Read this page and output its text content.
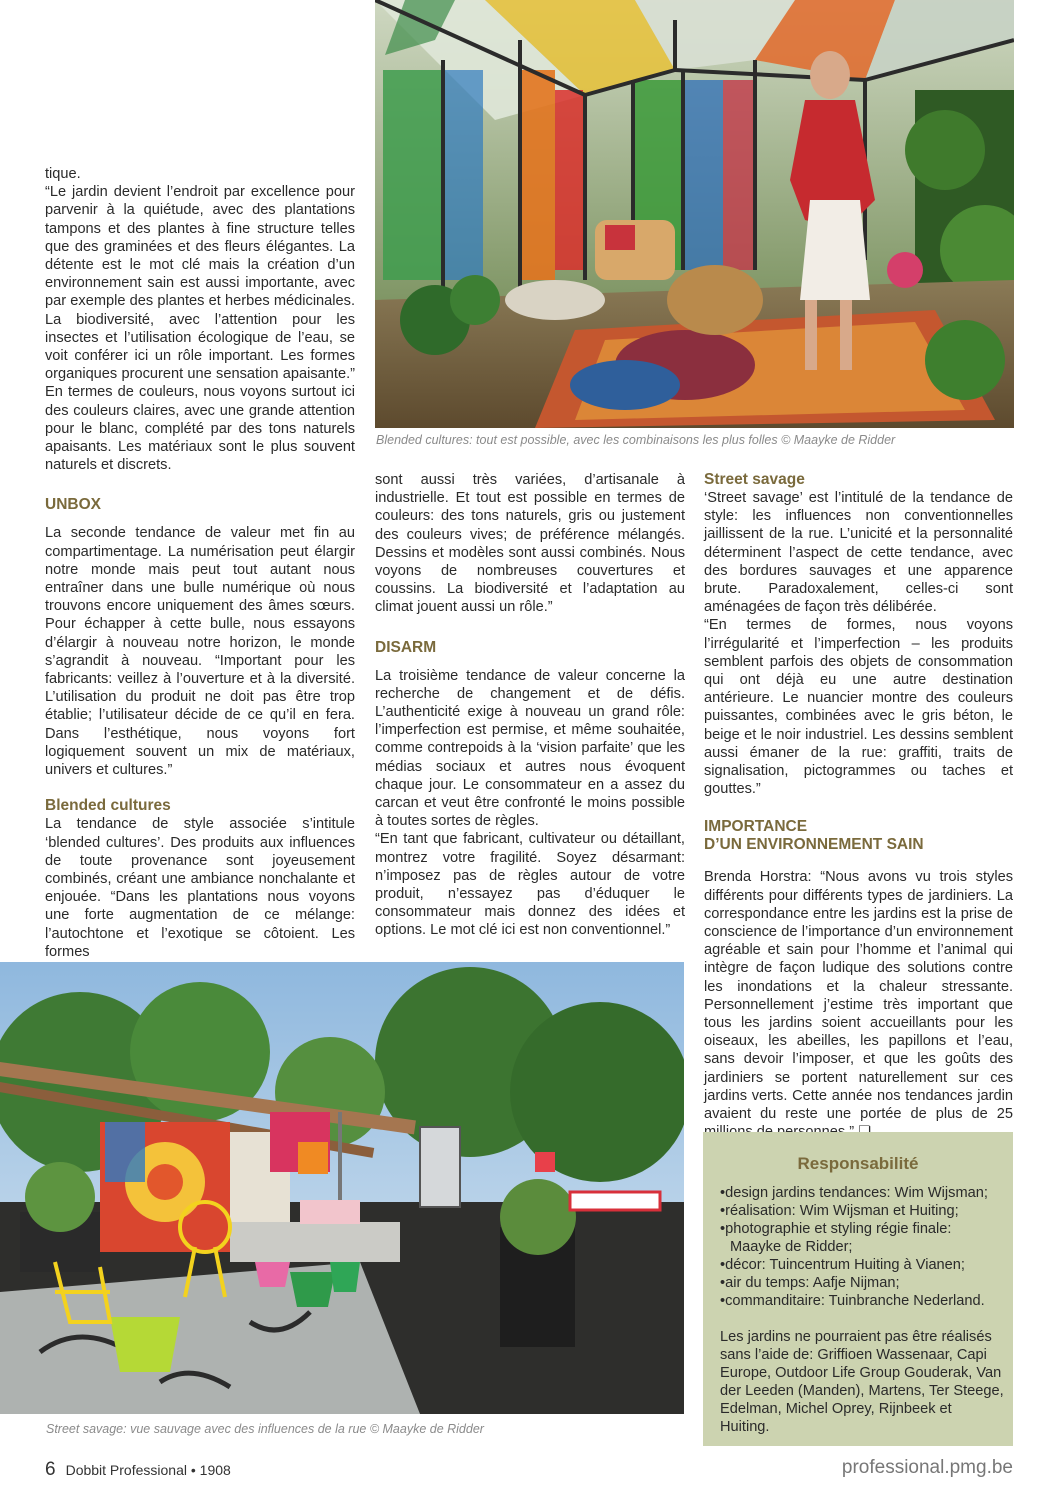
Blended cultures: tout est possible, avec les combinaisons les plus folles © Maayke de Ridder

tique.
“Le jardin devient l’endroit par excellence pour parvenir à la quiétude, avec des plantations tampons et des plantes à fine structure telles que des graminées et des fleurs élégantes. La détente est le mot clé mais la création d’un environnement sain est aussi importante, avec par exemple des plantes et herbes médicinales. La biodiversité, avec l’attention pour les insectes et l’utilisation écologique de l’eau, se voit conférer ici un rôle important. Les formes organiques procurent une sensation apaisante.” En termes de couleurs, nous voyons surtout ici des couleurs claires, avec une grande attention pour le blanc, complété par des tons naturels apaisants. Les matériaux sont le plus souvent naturels et discrets.

UNBOX

La seconde tendance de valeur met fin au compartimentage. La numérisation peut élargir notre monde mais peut tout autant nous entraîner dans une bulle numérique où nous trouvons encore uniquement des âmes sœurs. Pour échapper à cette bulle, nous essayons d’élargir à nouveau notre horizon, le monde s’agrandit à nouveau. “Important pour les fabricants: veillez à l’ouverture et à la diversité. L’utilisation du produit ne doit pas être trop établie; l’utilisateur décide de ce qu’il en fera. Dans l’esthétique, nous voyons fort logiquement souvent un mix de matériaux, univers et cultures.”

Blended cultures

La tendance de style associée s’intitule ‘blended cultures’. Des produits aux influences de toute provenance sont joyeusement combinés, créant une ambiance nonchalante et enjouée. “Dans les plantations nous voyons une forte augmentation de ce mélange: l’autochtone et l’exotique se côtoient. Les formes

sont aussi très variées, d’artisanale à industrielle. Et tout est possible en termes de couleurs: des tons naturels, gris ou justement des couleurs vives; de préférence mélangés. Dessins et modèles sont aussi combinés. Nous voyons de nombreuses couvertures et coussins. La biodiversité et l’adaptation au climat jouent aussi un rôle.”

DISARM

La troisième tendance de valeur concerne la recherche de changement et de défis. L’authenticité exige à nouveau un grand rôle: l’imperfection est permise, et même souhaitée, comme contrepoids à la ‘vision parfaite’ que les médias sociaux et autres nous évoquent chaque jour. Le consommateur en a assez du carcan et veut être confronté le moins possible à toutes sortes de règles.
“En tant que fabricant, cultivateur ou détaillant, montrez votre fragilité. Soyez désarmant: n’imposez pas de règles autour de votre produit, n’essayez pas d’éduquer le consommateur mais donnez des idées et options. Le mot clé ici est non conventionnel.”

Street savage

‘Street savage’ est l’intitulé de la tendance de style: les influences non conventionnelles jaillissent de la rue. L’unicité et la personnalité déterminent l’aspect de cette tendance, avec des bordures sauvages et une apparence brute. Paradoxalement, celles-ci sont aménagées de façon très délibérée.
“En termes de formes, nous voyons l’irrégularité et l’imperfection – les produits semblent parfois des objets de consommation qui ont déjà eu une autre destination antérieure. Le nuancier montre des couleurs puissantes, combinées avec le gris béton, le beige et le noir industriel. Les dessins semblent aussi émaner de la rue: graffiti, traits de signalisation, pictogrammes ou taches et gouttes.”

IMPORTANCE
D’UN ENVIRONNEMENT SAIN

Brenda Horstra: “Nous avons vu trois styles différents pour différents types de jardiniers. La correspondance entre les jardins est la prise de conscience de l’importance d’un environnement agréable et sain pour l’homme et l’animal qui intègre de façon ludique des solutions contre les inondations et la chaleur stressante. Personnellement j’estime très important que tous les jardins soient accueillants pour les oiseaux, les abeilles, les papillons et l’eau, sans devoir l’imposer, et que les goûts des jardiniers se portent naturellement sur ces jardins verts. Cette année nos tendances jardin avaient du reste une portée de plus de 25

Street savage: vue sauvage avec des influences de la rue © Maayke de Ridder
Responsabilité
•design jardins tendances: Wim Wijsman;
•réalisation: Wim Wijsman et Huiting;
•photographie et styling régie finale: Maayke de Ridder;
•décor: Tuincentrum Huiting à Vianen;
•air du temps: Aafje Nijman;
•commanditaire: Tuinbranche Nederland.

Les jardins ne pourraient pas être réalisés sans l’aide de: Griffioen Wassenaar, Capi Europe, Outdoor Life Group Gouderak, Van der Leeden (Manden), Martens, Ter Steege, Edelman, Michel Oprey, Rijnbeek et Huiting.

6 Dobbit Professional • 1908	professional.pmg.be
